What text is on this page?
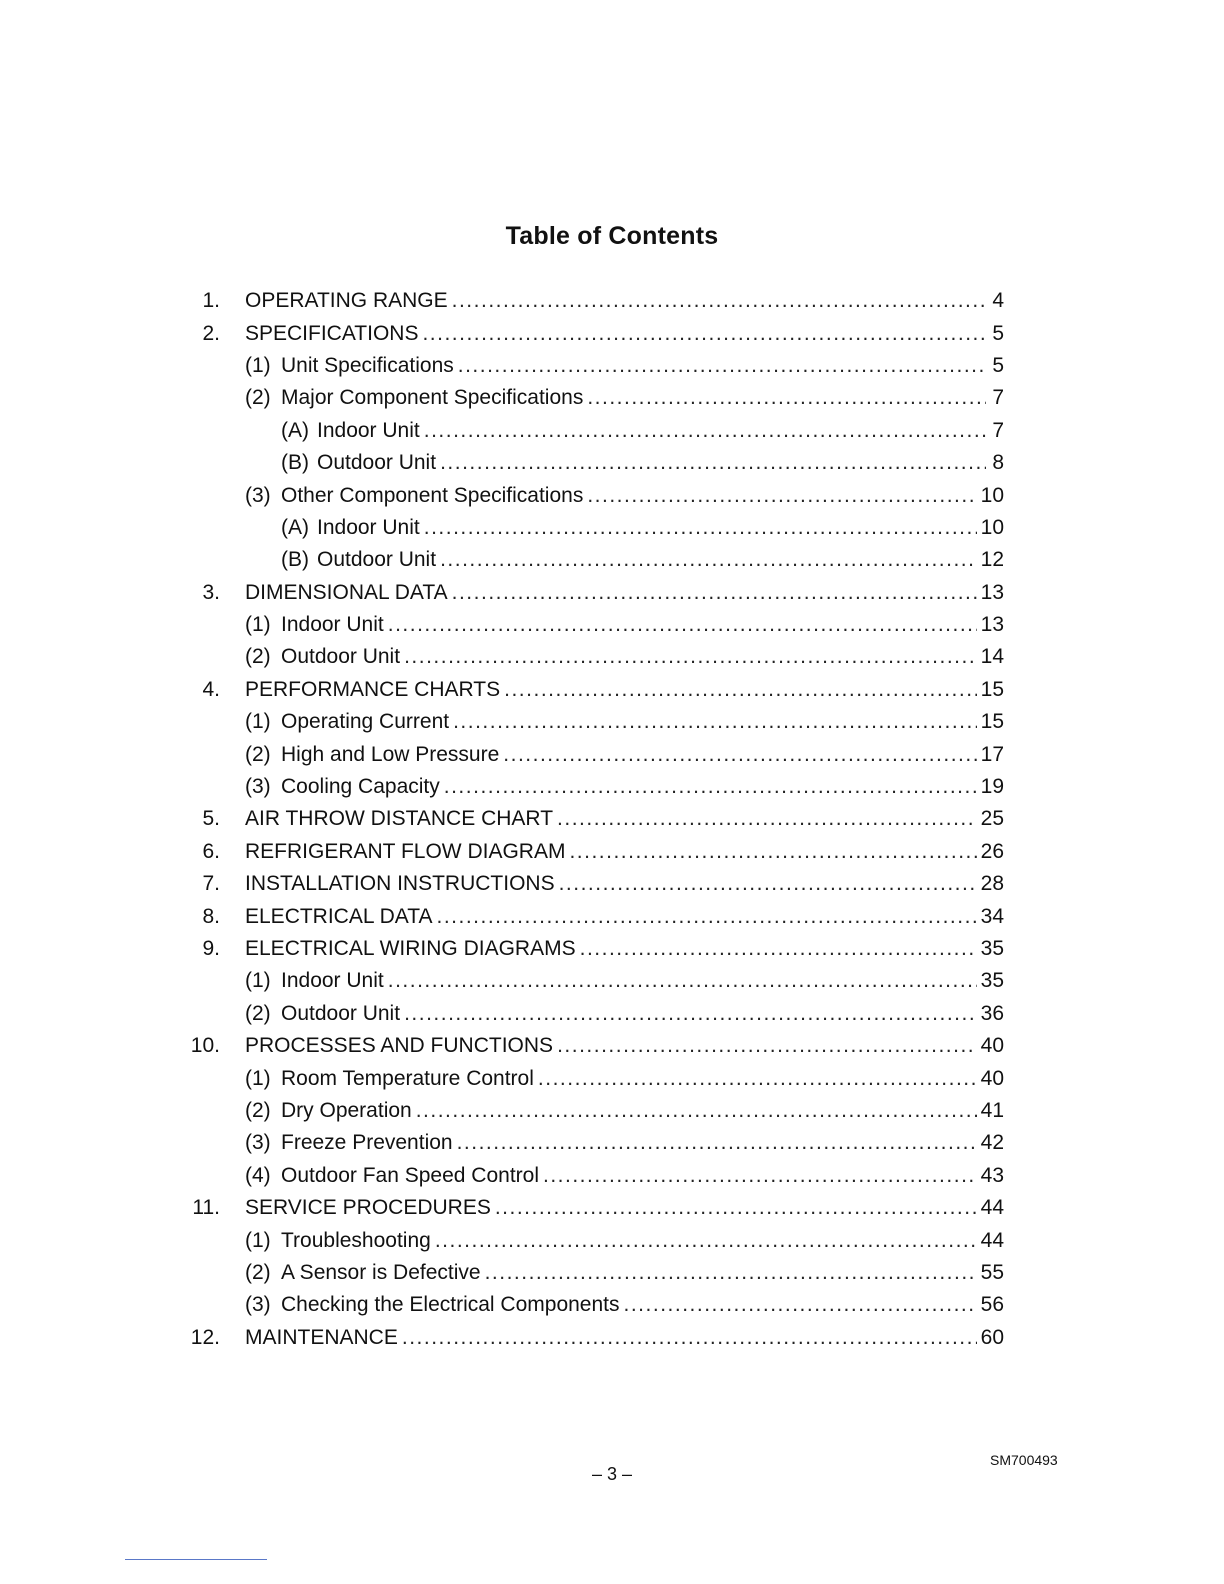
Table of Contents
1. OPERATING RANGE .....	4
2. SPECIFICATIONS .....	5
(1) Unit Specifications .....	5
(2) Major Component Specifications .....	7
(A) Indoor Unit .....	7
(B) Outdoor Unit .....	8
(3) Other Component Specifications .....	10
(A) Indoor Unit .....	10
(B) Outdoor Unit .....	12
3. DIMENSIONAL DATA .....	13
(1) Indoor Unit .....	13
(2) Outdoor Unit .....	14
4. PERFORMANCE CHARTS .....	15
(1) Operating Current .....	15
(2) High and Low Pressure .....	17
(3) Cooling Capacity .....	19
5. AIR THROW DISTANCE CHART .....	25
6. REFRIGERANT FLOW DIAGRAM .....	26
7. INSTALLATION INSTRUCTIONS .....	28
8. ELECTRICAL DATA .....	34
9. ELECTRICAL WIRING DIAGRAMS .....	35
(1) Indoor Unit .....	35
(2) Outdoor Unit .....	36
10. PROCESSES AND FUNCTIONS .....	40
(1) Room Temperature Control .....	40
(2) Dry Operation .....	41
(3) Freeze Prevention .....	42
(4) Outdoor Fan Speed Control .....	43
11. SERVICE PROCEDURES .....	44
(1) Troubleshooting .....	44
(2) A Sensor is Defective .....	55
(3) Checking the Electrical Components .....	56
12. MAINTENANCE .....	60
– 3 –
SM700493
